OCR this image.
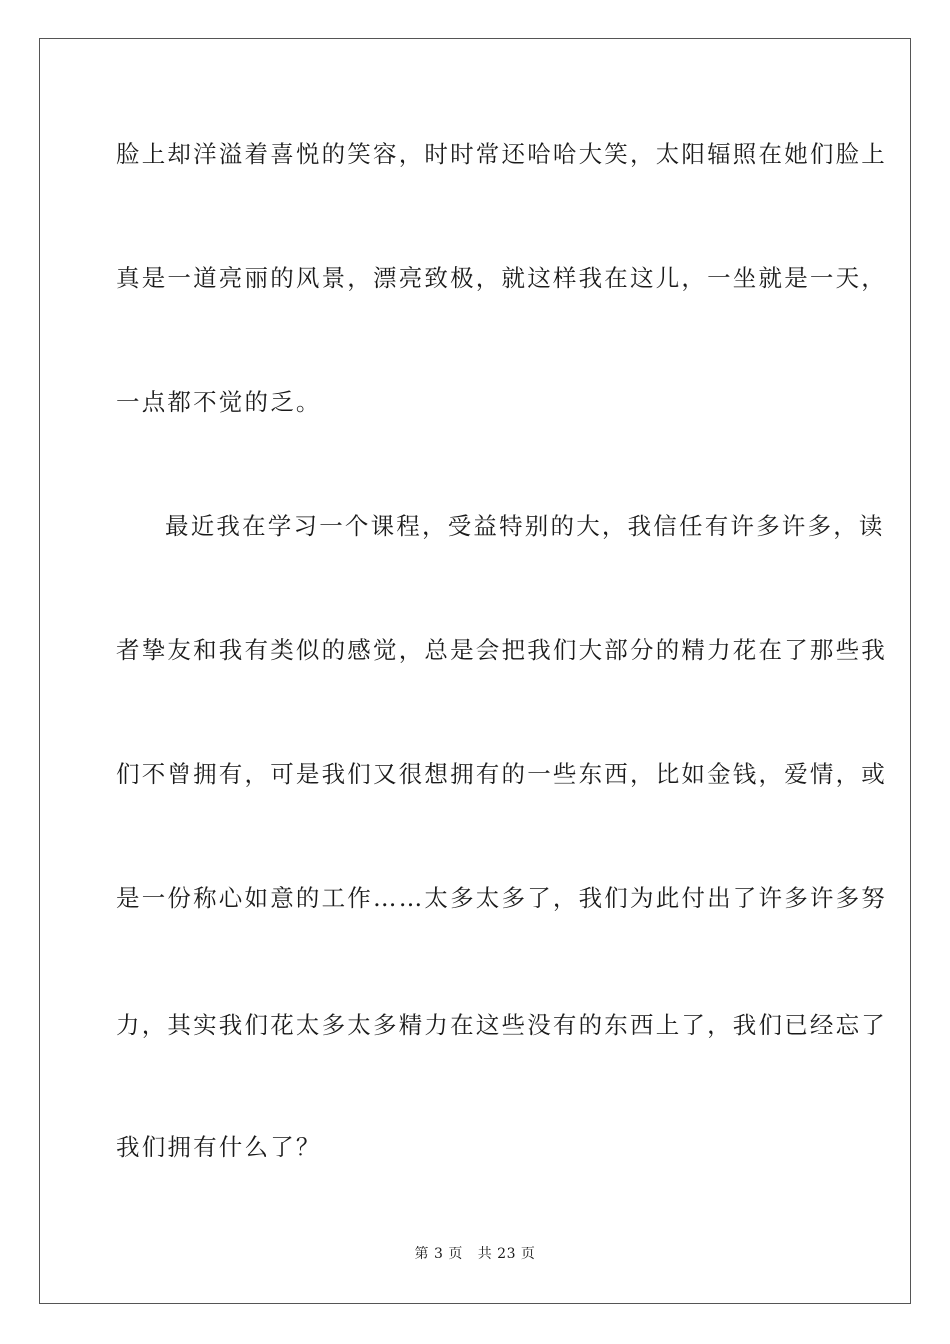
脸上却洋溢着喜悦的笑容，时时常还哈哈大笑，太阳辐照在她们脸上
真是一道亮丽的风景，漂亮致极，就这样我在这儿，一坐就是一天，
一点都不觉的乏。
最近我在学习一个课程，受益特别的大，我信任有许多许多，读
者挚友和我有类似的感觉，总是会把我们大部分的精力花在了那些我
们不曾拥有，可是我们又很想拥有的一些东西，比如金钱，爱情，或
是一份称心如意的工作……太多太多了，我们为此付出了许多许多努
力，其实我们花太多太多精力在这些没有的东西上了，我们已经忘了
我们拥有什么了？
第 3 页 共 23 页
